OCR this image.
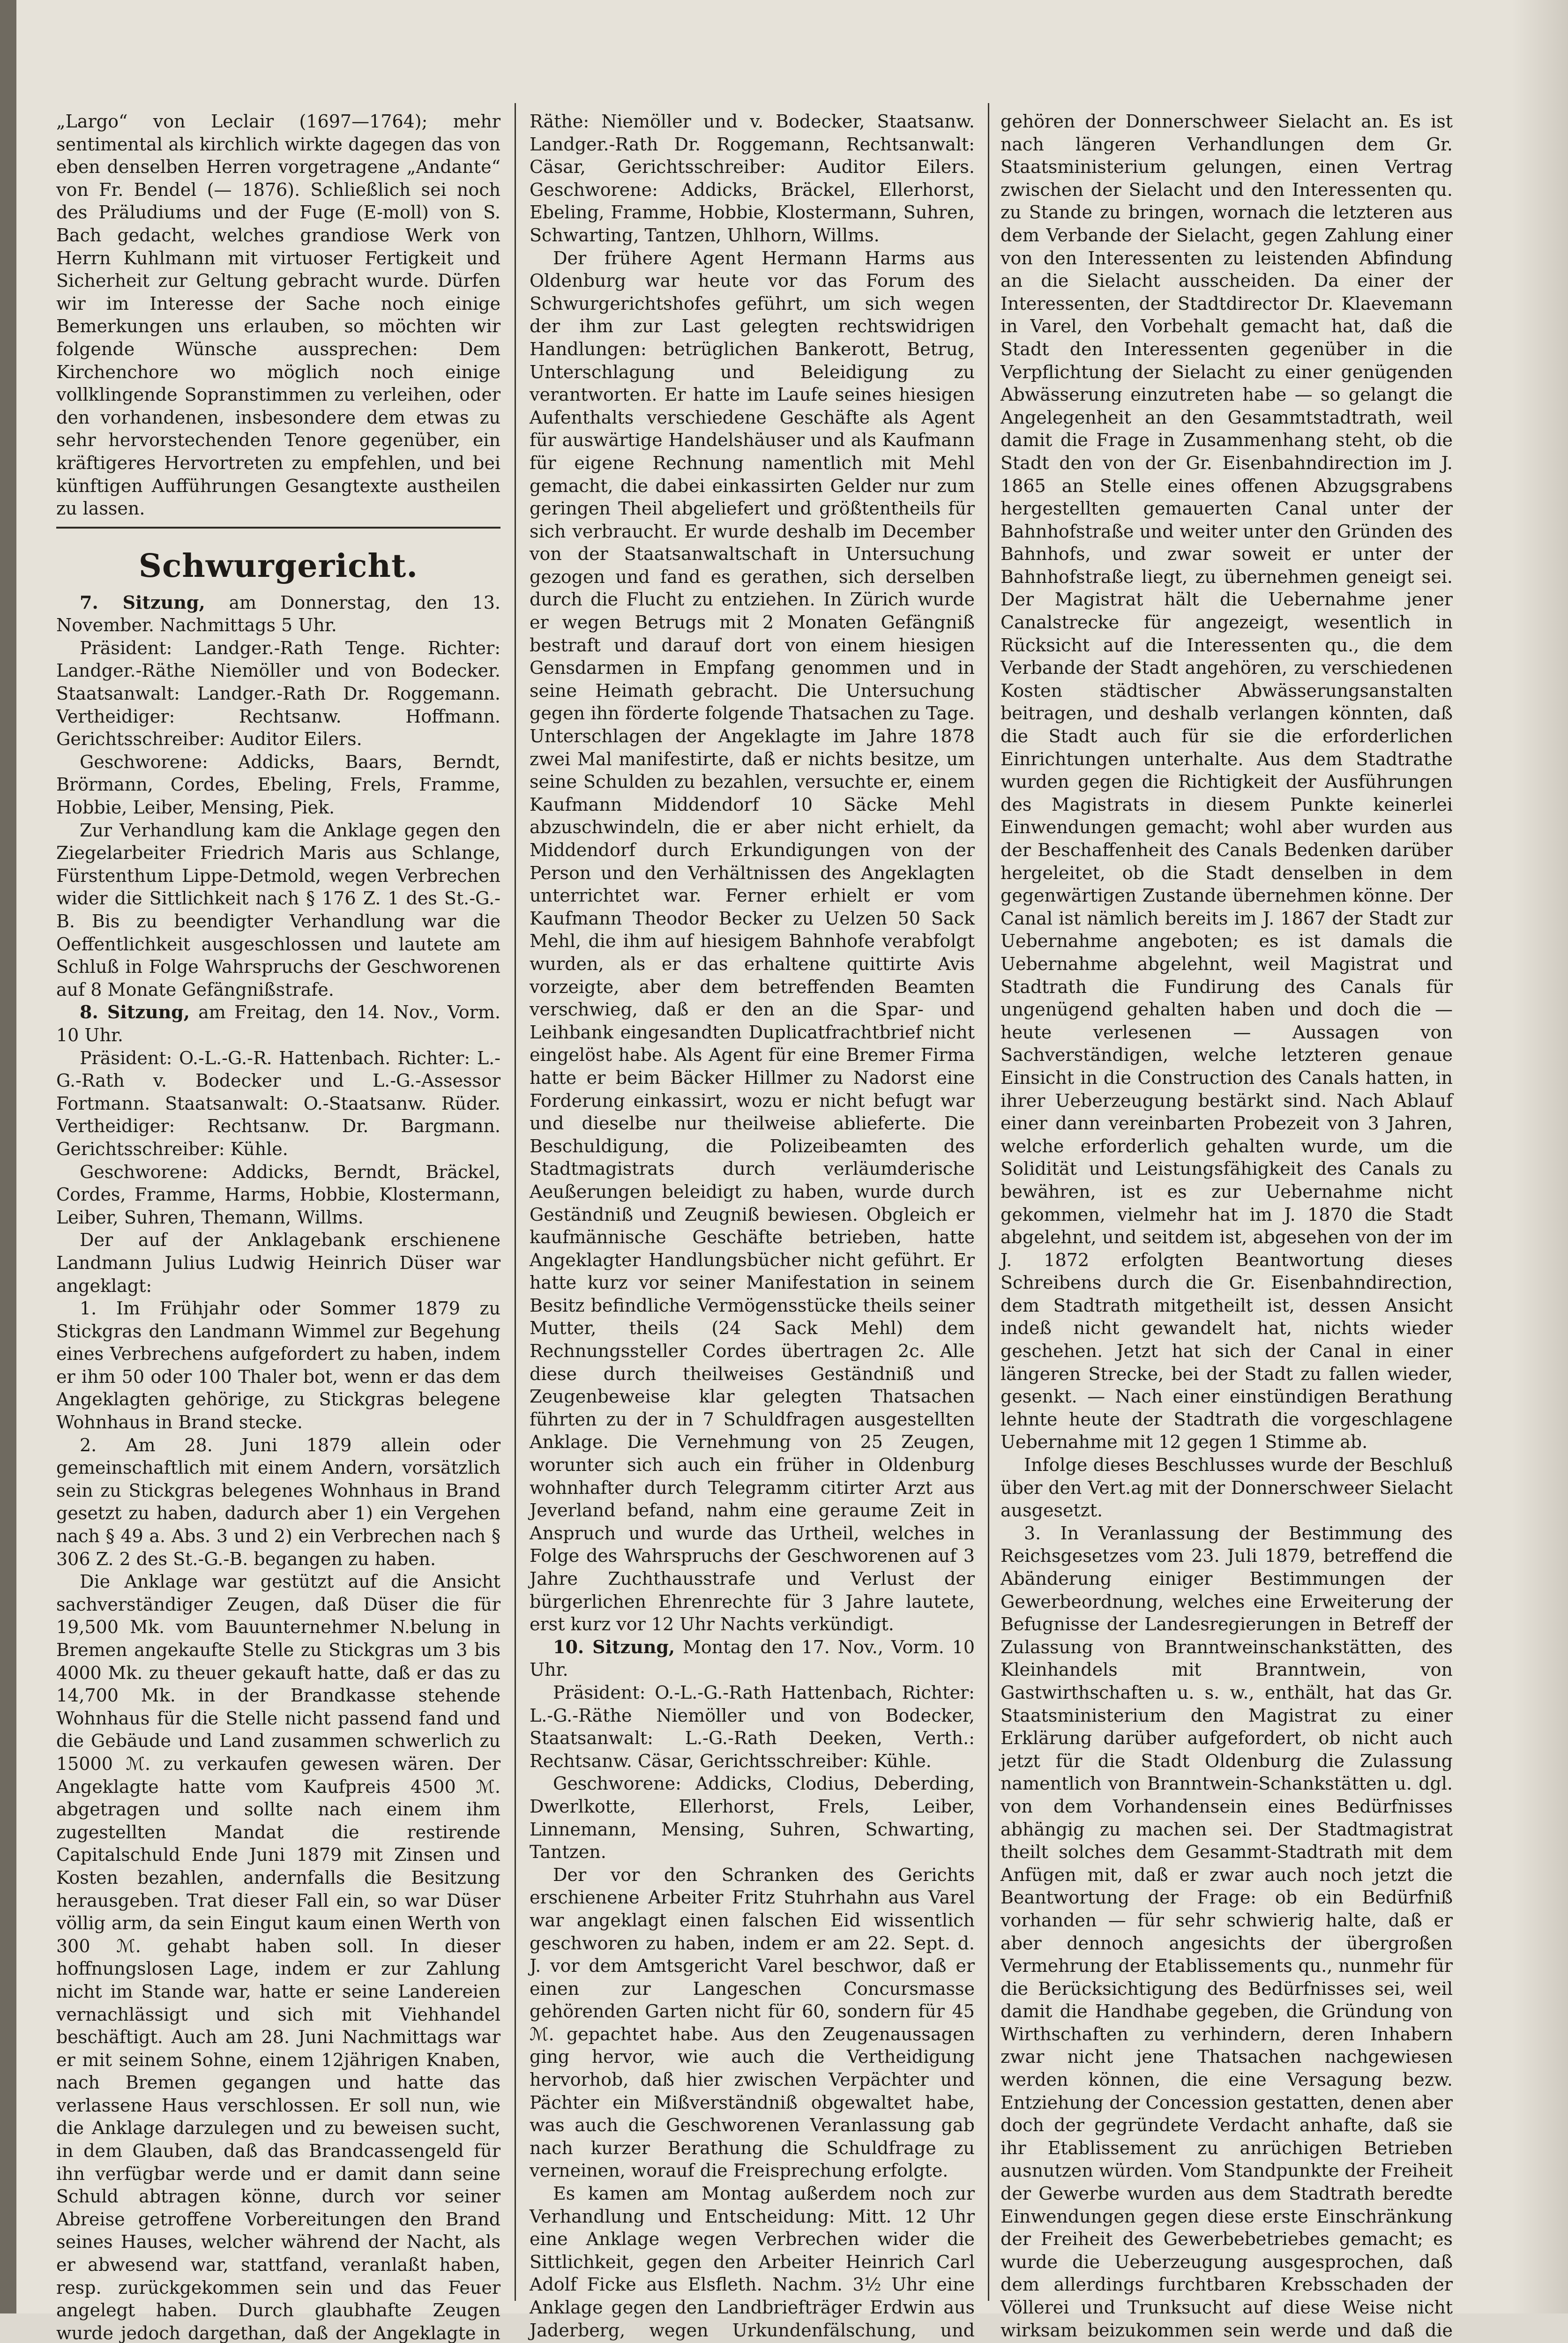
„Largo“ von Leclair (1697—1764); mehr sentimental als kirchlich wirkte dagegen das von eben denselben Herren vorgetragene „Andante“ von Fr. Bendel (— 1876). Schließlich sei noch des Präludiums und der Fuge (E-moll) von S. Bach gedacht, welches grandiose Werk von Herrn Kuhlmann mit virtuoser Fertigkeit und Sicherheit zur Geltung gebracht wurde. Dürfen wir im Interesse der Sache noch einige Bemerkungen uns erlauben, so möchten wir folgende Wünsche aussprechen: Dem Kirchenchore wo möglich noch einige vollklingende Sopranstimmen zu verleihen, oder den vorhandenen, insbesondere dem etwas zu sehr hervorstechenden Tenore gegenüber, ein kräftigeres Hervortreten zu empfehlen, und bei künftigen Aufführungen Gesangtexte austheilen zu lassen.

Schwurgericht.

7. Sitzung, am Donnerstag, den 13. November. Nachmittags 5 Uhr.

Präsident: Landger.-Rath Tenge. Richter: Landger.-Räthe Niemöller und von Bodecker. Staatsanwalt: Landger.-Rath Dr. Roggemann. Vertheidiger: Rechtsanw. Hoffmann. Gerichtsschreiber: Auditor Eilers.

Geschworene: Addicks, Baars, Berndt, Brörmann, Cordes, Ebeling, Frels, Framme, Hobbie, Leiber, Mensing, Piek.

Zur Verhandlung kam die Anklage gegen den Ziegelarbeiter Friedrich Maris aus Schlange, Fürstenthum Lippe-Detmold, wegen Verbrechen wider die Sittlichkeit nach § 176 Z. 1 des St.-G.-B. Bis zu beendigter Verhandlung war die Oeffentlichkeit ausgeschlossen und lautete am Schluß in Folge Wahrspruchs der Geschworenen auf 8 Monate Gefängnißstrafe.

8. Sitzung, am Freitag, den 14. Nov., Vorm. 10 Uhr.

Präsident: O.-L.-G.-R. Hattenbach. Richter: L.-G.-Rath v. Bodecker und L.-G.-Assessor Fortmann. Staatsanwalt: O.-Staatsanw. Rüder. Vertheidiger: Rechtsanw. Dr. Bargmann. Gerichtsschreiber: Kühle.

Geschworene: Addicks, Berndt, Bräckel, Cordes, Framme, Harms, Hobbie, Klostermann, Leiber, Suhren, Themann, Willms.

Der auf der Anklagebank erschienene Landmann Julius Ludwig Heinrich Düser war angeklagt:

1. Im Frühjahr oder Sommer 1879 zu Stickgras den Landmann Wimmel zur Begehung eines Verbrechens aufgefordert zu haben, indem er ihm 50 oder 100 Thaler bot, wenn er das dem Angeklagten gehörige, zu Stickgras belegene Wohnhaus in Brand stecke.

2. Am 28. Juni 1879 allein oder gemeinschaftlich mit einem Andern, vorsätzlich sein zu Stickgras belegenes Wohnhaus in Brand gesetzt zu haben, dadurch aber 1) ein Vergehen nach § 49 a. Abs. 3 und 2) ein Verbrechen nach § 306 Z. 2 des St.-G.-B. begangen zu haben.

Die Anklage war gestützt auf die Ansicht sachverständiger Zeugen, daß Düser die für 19,500 Mk. vom Bauunternehmer N.belung in Bremen angekaufte Stelle zu Stickgras um 3 bis 4000 Mk. zu theuer gekauft hatte, daß er das zu 14,700 Mk. in der Brandkasse stehende Wohnhaus für die Stelle nicht passend fand und die Gebäude und Land zusammen schwerlich zu 15000 ℳ. zu verkaufen gewesen wären. Der Angeklagte hatte vom Kaufpreis 4500 ℳ. abgetragen und sollte nach einem ihm zugestellten Mandat die restirende Capitalschuld Ende Juni 1879 mit Zinsen und Kosten bezahlen, andernfalls die Besitzung herausgeben. Trat dieser Fall ein, so war Düser völlig arm, da sein Eingut kaum einen Werth von 300 ℳ. gehabt haben soll. In dieser hoffnungslosen Lage, indem er zur Zahlung nicht im Stande war, hatte er seine Landereien vernachlässigt und sich mit Viehhandel beschäftigt. Auch am 28. Juni Nachmittags war er mit seinem Sohne, einem 12jährigen Knaben, nach Bremen gegangen und hatte das verlassene Haus verschlossen. Er soll nun, wie die Anklage darzulegen und zu beweisen sucht, in dem Glauben, daß das Brandcassengeld für ihn verfügbar werde und er damit dann seine Schuld abtragen könne, durch vor seiner Abreise getroffene Vorbereitungen den Brand seines Hauses, welcher während der Nacht, als er abwesend war, stattfand, veranlaßt haben, resp. zurückgekommen sein und das Feuer angelegt haben. Durch glaubhafte Zeugen wurde jedoch dargethan, daß der Angeklagte in

Räthe: Niemöller und v. Bodecker, Staatsanw. Landger.-Rath Dr. Roggemann, Rechtsanwalt: Cäsar, Gerichtsschreiber: Auditor Eilers. Geschworene: Addicks, Bräckel, Ellerhorst, Ebeling, Framme, Hobbie, Klostermann, Suhren, Schwarting, Tantzen, Uhlhorn, Willms.

Der frühere Agent Hermann Harms aus Oldenburg war heute vor das Forum des Schwurgerichtshofes geführt, um sich wegen der ihm zur Last gelegten rechtswidrigen Handlungen: betrüglichen Bankerott, Betrug, Unterschlagung und Beleidigung zu verantworten. Er hatte im Laufe seines hiesigen Aufenthalts verschiedene Geschäfte als Agent für auswärtige Handelshäuser und als Kaufmann für eigene Rechnung namentlich mit Mehl gemacht, die dabei einkassirten Gelder nur zum geringen Theil abgeliefert und größtentheils für sich verbraucht. Er wurde deshalb im December von der Staatsanwaltschaft in Untersuchung gezogen und fand es gerathen, sich derselben durch die Flucht zu entziehen. In Zürich wurde er wegen Betrugs mit 2 Monaten Gefängniß bestraft und darauf dort von einem hiesigen Gensdarmen in Empfang genommen und in seine Heimath gebracht. Die Untersuchung gegen ihn förderte folgende Thatsachen zu Tage. Unterschlagen der Angeklagte im Jahre 1878 zwei Mal manifestirte, daß er nichts besitze, um seine Schulden zu bezahlen, versuchte er, einem Kaufmann Middendorf 10 Säcke Mehl abzuschwindeln, die er aber nicht erhielt, da Middendorf durch Erkundigungen von der Person und den Verhältnissen des Angeklagten unterrichtet war. Ferner erhielt er vom Kaufmann Theodor Becker zu Uelzen 50 Sack Mehl, die ihm auf hiesigem Bahnhofe verabfolgt wurden, als er das erhaltene quittirte Avis vorzeigte, aber dem betreffenden Beamten verschwieg, daß er den an die Spar- und Leihbank eingesandten Duplicatfrachtbrief nicht eingelöst habe. Als Agent für eine Bremer Firma hatte er beim Bäcker Hillmer zu Nadorst eine Forderung einkassirt, wozu er nicht befugt war und dieselbe nur theilweise ablieferte. Die Beschuldigung, die Polizeibeamten des Stadtmagistrats durch verläumderische Aeußerungen beleidigt zu haben, wurde durch Geständniß und Zeugniß bewiesen. Obgleich er kaufmännische Geschäfte betrieben, hatte Angeklagter Handlungsbücher nicht geführt. Er hatte kurz vor seiner Manifestation in seinem Besitz befindliche Vermögensstücke theils seiner Mutter, theils (24 Sack Mehl) dem Rechnungssteller Cordes übertragen 2c. Alle diese durch theilweises Geständniß und Zeugenbeweise klar gelegten Thatsachen führten zu der in 7 Schuldfragen ausgestellten Anklage. Die Vernehmung von 25 Zeugen, worunter sich auch ein früher in Oldenburg wohnhafter durch Telegramm citirter Arzt aus Jeverland befand, nahm eine geraume Zeit in Anspruch und wurde das Urtheil, welches in Folge des Wahrspruchs der Geschworenen auf 3 Jahre Zuchthausstrafe und Verlust der bürgerlichen Ehrenrechte für 3 Jahre lautete, erst kurz vor 12 Uhr Nachts verkündigt.

10. Sitzung, Montag den 17. Nov., Vorm. 10 Uhr.

Präsident: O.-L.-G.-Rath Hattenbach, Richter: L.-G.-Räthe Niemöller und von Bodecker, Staatsanwalt: L.-G.-Rath Deeken, Verth.: Rechtsanw. Cäsar, Gerichtsschreiber: Kühle.

Geschworene: Addicks, Clodius, Deberding, Dwerlkotte, Ellerhorst, Frels, Leiber, Linnemann, Mensing, Suhren, Schwarting, Tantzen.

Der vor den Schranken des Gerichts erschienene Arbeiter Fritz Stuhrhahn aus Varel war angeklagt einen falschen Eid wissentlich geschworen zu haben, indem er am 22. Sept. d. J. vor dem Amtsgericht Varel beschwor, daß er einen zur Langeschen Concursmasse gehörenden Garten nicht für 60, sondern für 45 ℳ. gepachtet habe. Aus den Zeugenaussagen ging hervor, wie auch die Vertheidigung hervorhob, daß hier zwischen Verpächter und Pächter ein Mißverständniß obgewaltet habe, was auch die Geschworenen Veranlassung gab nach kurzer Berathung die Schuldfrage zu verneinen, worauf die Freisprechung erfolgte.

Es kamen am Montag außerdem noch zur Verhandlung und Entscheidung: Mitt. 12 Uhr eine Anklage wegen Verbrechen wider die Sittlichkeit, gegen den Arbeiter Heinrich Carl Adolf Ficke aus Elsfleth. Nachm. 3½ Uhr eine Anklage gegen den Landbriefträger Erdwin aus Jaderberg, wegen Urkundenfälschung, und

gehören der Donnerschweer Sielacht an. Es ist nach längeren Verhandlungen dem Gr. Staatsministerium gelungen, einen Vertrag zwischen der Sielacht und den Interessenten qu. zu Stande zu bringen, wornach die letzteren aus dem Verbande der Sielacht, gegen Zahlung einer von den Interessenten zu leistenden Abfindung an die Sielacht ausscheiden. Da einer der Interessenten, der Stadtdirector Dr. Klaevemann in Varel, den Vorbehalt gemacht hat, daß die Stadt den Interessenten gegenüber in die Verpflichtung der Sielacht zu einer genügenden Abwässerung einzutreten habe — so gelangt die Angelegenheit an den Gesammtstadtrath, weil damit die Frage in Zusammenhang steht, ob die Stadt den von der Gr. Eisenbahndirection im J. 1865 an Stelle eines offenen Abzugsgrabens hergestellten gemauerten Canal unter der Bahnhofstraße und weiter unter den Gründen des Bahnhofs, und zwar soweit er unter der Bahnhofstraße liegt, zu übernehmen geneigt sei. Der Magistrat hält die Uebernahme jener Canalstrecke für angezeigt, wesentlich in Rücksicht auf die Interessenten qu., die dem Verbande der Stadt angehören, zu verschiedenen Kosten städtischer Abwässerungsanstalten beitragen, und deshalb verlangen könnten, daß die Stadt auch für sie die erforderlichen Einrichtungen unterhalte. Aus dem Stadtrathe wurden gegen die Richtigkeit der Ausführungen des Magistrats in diesem Punkte keinerlei Einwendungen gemacht; wohl aber wurden aus der Beschaffenheit des Canals Bedenken darüber hergeleitet, ob die Stadt denselben in dem gegenwärtigen Zustande übernehmen könne. Der Canal ist nämlich bereits im J. 1867 der Stadt zur Uebernahme angeboten; es ist damals die Uebernahme abgelehnt, weil Magistrat und Stadtrath die Fundirung des Canals für ungenügend gehalten haben und doch die — heute verlesenen — Aussagen von Sachverständigen, welche letzteren genaue Einsicht in die Construction des Canals hatten, in ihrer Ueberzeugung bestärkt sind. Nach Ablauf einer dann vereinbarten Probezeit von 3 Jahren, welche erforderlich gehalten wurde, um die Solidität und Leistungsfähigkeit des Canals zu bewähren, ist es zur Uebernahme nicht gekommen, vielmehr hat im J. 1870 die Stadt abgelehnt, und seitdem ist, abgesehen von der im J. 1872 erfolgten Beantwortung dieses Schreibens durch die Gr. Eisenbahndirection, dem Stadtrath mitgetheilt ist, dessen Ansicht indeß nicht gewandelt hat, nichts wieder geschehen. Jetzt hat sich der Canal in einer längeren Strecke, bei der Stadt zu fallen wieder, gesenkt. — Nach einer einstündigen Berathung lehnte heute der Stadtrath die vorgeschlagene Uebernahme mit 12 gegen 1 Stimme ab.

Infolge dieses Beschlusses wurde der Beschluß über den Vert.ag mit der Donnerschweer Sielacht ausgesetzt.

3. In Veranlassung der Bestimmung des Reichsgesetzes vom 23. Juli 1879, betreffend die Abänderung einiger Bestimmungen der Gewerbeordnung, welches eine Erweiterung der Befugnisse der Landesregierungen in Betreff der Zulassung von Branntweinschankstätten, des Kleinhandels mit Branntwein, von Gastwirthschaften u. s. w., enthält, hat das Gr. Staatsministerium den Magistrat zu einer Erklärung darüber aufgefordert, ob nicht auch jetzt für die Stadt Oldenburg die Zulassung namentlich von Branntwein-Schankstätten u. dgl. von dem Vorhandensein eines Bedürfnisses abhängig zu machen sei. Der Stadtmagistrat theilt solches dem Gesammt-Stadtrath mit dem Anfügen mit, daß er zwar auch noch jetzt die Beantwortung der Frage: ob ein Bedürfniß vorhanden — für sehr schwierig halte, daß er aber dennoch angesichts der übergroßen Vermehrung der Etablissements qu., nunmehr für die Berücksichtigung des Bedürfnisses sei, weil damit die Handhabe gegeben, die Gründung von Wirthschaften zu verhindern, deren Inhabern zwar nicht jene Thatsachen nachgewiesen werden können, die eine Versagung bezw. Entziehung der Concession gestatten, denen aber doch der gegründete Verdacht anhafte, daß sie ihr Etablissement zu anrüchigen Betrieben ausnutzen würden. Vom Standpunkte der Freiheit der Gewerbe wurden aus dem Stadtrath beredte Einwendungen gegen diese erste Einschränkung der Freiheit des Gewerbebetriebes gemacht; es wurde die Ueberzeugung ausgesprochen, daß dem allerdings furchtbaren Krebsschaden der Völlerei und Trunksucht auf diese Weise nicht wirksam beizukommen sein werde und daß die
